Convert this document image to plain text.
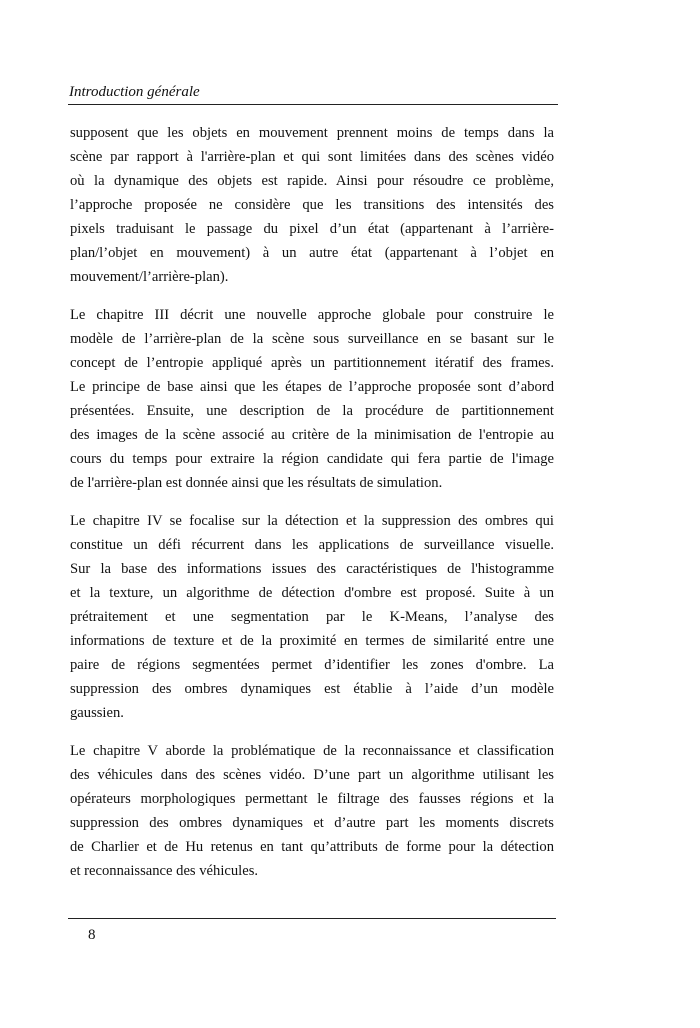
Introduction générale
supposent que les objets en mouvement prennent moins de temps dans la
scène par rapport à l'arrière-plan et qui sont limitées dans des scènes vidéo
où la dynamique des objets est rapide. Ainsi pour résoudre ce problème,
l’approche proposée ne considère que les transitions des intensités des
pixels traduisant le passage du pixel d’un état (appartenant à l’arrière-
plan/l’objet en mouvement) à un autre état (appartenant à l’objet en
mouvement/l’arrière-plan).
Le chapitre III décrit une nouvelle approche globale pour construire le
modèle de l’arrière-plan de la scène sous surveillance en se basant sur le
concept de l’entropie appliqué après un partitionnement itératif des frames.
Le principe de base ainsi que les étapes de l’approche proposée sont d’abord
présentées. Ensuite, une description de la procédure de partitionnement
des images de la scène associé au critère de la minimisation de l'entropie au
cours du temps pour extraire la région candidate qui fera partie de l'image
de l'arrière-plan est donnée ainsi que les résultats de simulation.
Le chapitre IV se focalise sur la détection et la suppression des ombres qui
constitue un défi récurrent dans les applications de surveillance visuelle.
Sur la base des informations issues des caractéristiques de l'histogramme
et la texture, un algorithme de détection d'ombre est proposé. Suite à un
prétraitement et une segmentation par le K-Means, l’analyse des
informations de texture et de la proximité en termes de similarité entre une
paire de régions segmentées permet d’identifier les zones d'ombre. La
suppression des ombres dynamiques est établie à l’aide d’un modèle
gaussien.
Le chapitre V aborde la problématique de la reconnaissance et classification
des véhicules dans des scènes vidéo. D’une part un algorithme utilisant les
opérateurs morphologiques permettant le filtrage des fausses régions et la
suppression des ombres dynamiques et d’autre part les moments discrets
de Charlier et de Hu retenus en tant qu’attributs de forme pour la détection
et reconnaissance des véhicules.
8
